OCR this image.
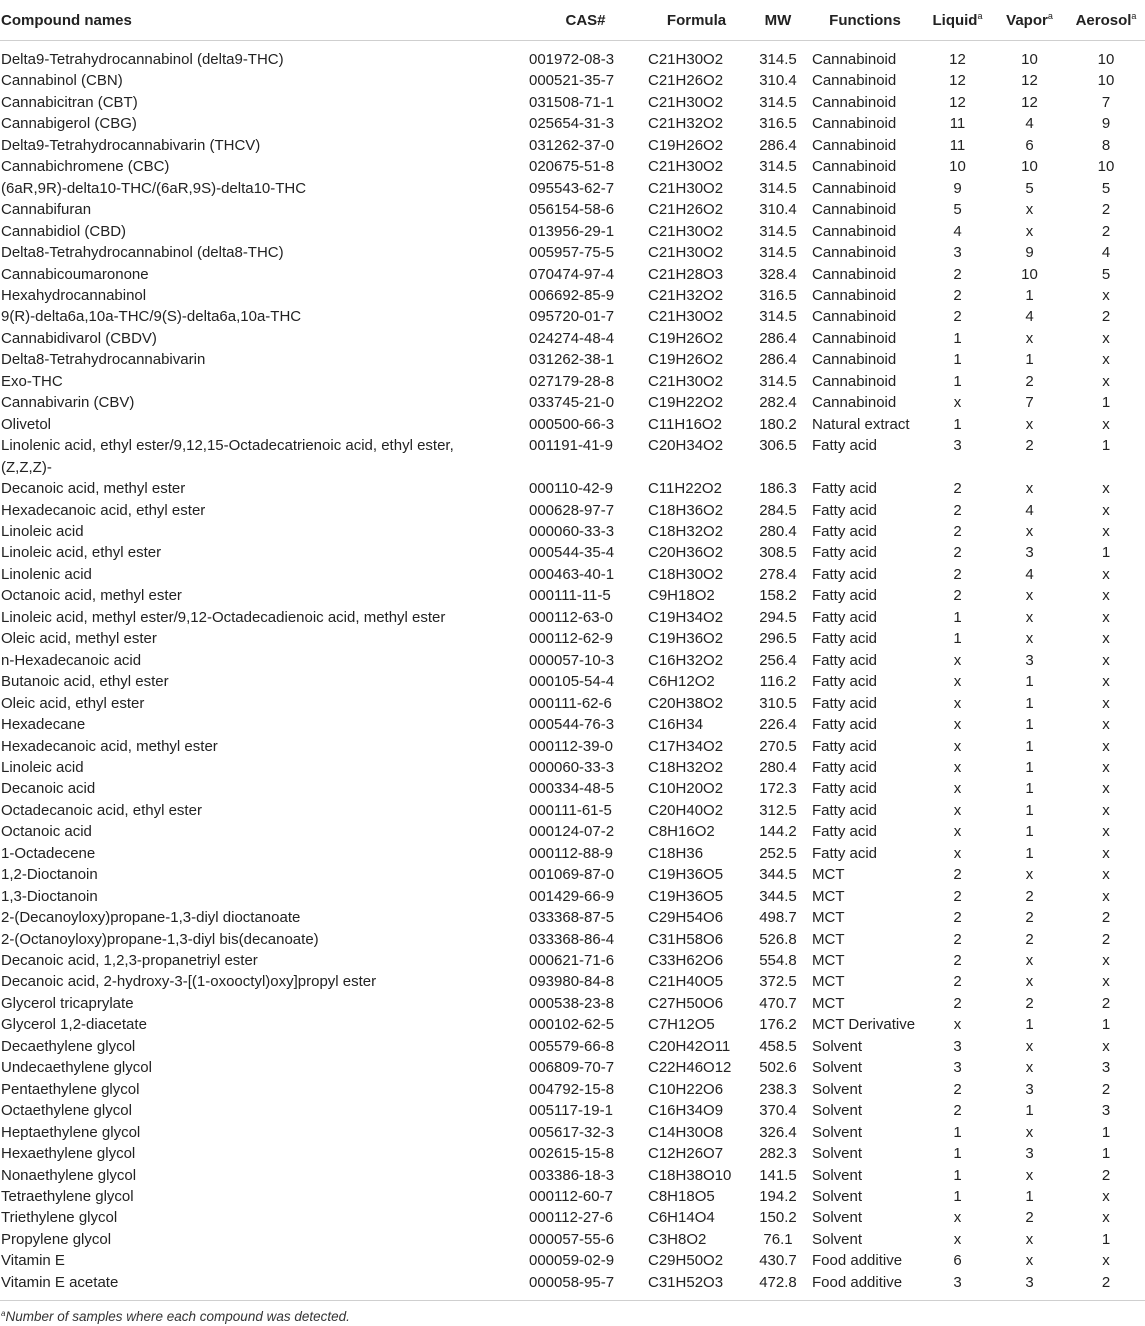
Compound names	CAS#	Formula	MW	Functions	Liquid$^a$	Vapor$^a$	Aerosol$^a$
Delta9-Tetrahydrocannabinol (delta9-THC)	001972-08-3	C21H30O2	314.5	Cannabinoid	12	10	10
Cannabinol (CBN)	000521-35-7	C21H26O2	310.4	Cannabinoid	12	12	10
Cannabicitran (CBT)	031508-71-1	C21H30O2	314.5	Cannabinoid	12	12	7
Cannabigerol (CBG)	025654-31-3	C21H32O2	316.5	Cannabinoid	11	4	9
Delta9-Tetrahydrocannabivarin (THCV)	031262-37-0	C19H26O2	286.4	Cannabinoid	11	6	8
Cannabichromene (CBC)	020675-51-8	C21H30O2	314.5	Cannabinoid	10	10	10
(6aR,9R)-delta10-THC/(6aR,9S)-delta10-THC	095543-62-7	C21H30O2	314.5	Cannabinoid	9	5	5
Cannabifuran	056154-58-6	C21H26O2	310.4	Cannabinoid	5	x	2
Cannabidiol (CBD)	013956-29-1	C21H30O2	314.5	Cannabinoid	4	x	2
Delta8-Tetrahydrocannabinol (delta8-THC)	005957-75-5	C21H30O2	314.5	Cannabinoid	3	9	4
Cannabicoumaronone	070474-97-4	C21H28O3	328.4	Cannabinoid	2	10	5
Hexahydrocannabinol	006692-85-9	C21H32O2	316.5	Cannabinoid	2	1	x
9(R)-delta6a,10a-THC/9(S)-delta6a,10a-THC	095720-01-7	C21H30O2	314.5	Cannabinoid	2	4	2
Cannabidivarol (CBDV)	024274-48-4	C19H26O2	286.4	Cannabinoid	1	x	x
Delta8-Tetrahydrocannabivarin	031262-38-1	C19H26O2	286.4	Cannabinoid	1	1	x
Exo-THC	027179-28-8	C21H30O2	314.5	Cannabinoid	1	2	x
Cannabivarin (CBV)	033745-21-0	C19H22O2	282.4	Cannabinoid	x	7	1
Olivetol	000500-66-3	C11H16O2	180.2	Natural extract	1	x	x
Linolenic acid, ethyl ester/9,12,15-Octadecatrienoic acid, ethyl ester, (Z,Z,Z)-	001191-41-9	C20H34O2	306.5	Fatty acid	3	2	1
Decanoic acid, methyl ester	000110-42-9	C11H22O2	186.3	Fatty acid	2	x	x
Hexadecanoic acid, ethyl ester	000628-97-7	C18H36O2	284.5	Fatty acid	2	4	x
Linoleic acid	000060-33-3	C18H32O2	280.4	Fatty acid	2	x	x
Linoleic acid, ethyl ester	000544-35-4	C20H36O2	308.5	Fatty acid	2	3	1
Linolenic acid	000463-40-1	C18H30O2	278.4	Fatty acid	2	4	x
Octanoic acid, methyl ester	000111-11-5	C9H18O2	158.2	Fatty acid	2	x	x
Linoleic acid, methyl ester/9,12-Octadecadienoic acid, methyl ester	000112-63-0	C19H34O2	294.5	Fatty acid	1	x	x
Oleic acid, methyl ester	000112-62-9	C19H36O2	296.5	Fatty acid	1	x	x
n-Hexadecanoic acid	000057-10-3	C16H32O2	256.4	Fatty acid	x	3	x
Butanoic acid, ethyl ester	000105-54-4	C6H12O2	116.2	Fatty acid	x	1	x
Oleic acid, ethyl ester	000111-62-6	C20H38O2	310.5	Fatty acid	x	1	x
Hexadecane	000544-76-3	C16H34	226.4	Fatty acid	x	1	x
Hexadecanoic acid, methyl ester	000112-39-0	C17H34O2	270.5	Fatty acid	x	1	x
Linoleic acid	000060-33-3	C18H32O2	280.4	Fatty acid	x	1	x
Decanoic acid	000334-48-5	C10H20O2	172.3	Fatty acid	x	1	x
Octadecanoic acid, ethyl ester	000111-61-5	C20H40O2	312.5	Fatty acid	x	1	x
Octanoic acid	000124-07-2	C8H16O2	144.2	Fatty acid	x	1	x
1-Octadecene	000112-88-9	C18H36	252.5	Fatty acid	x	1	x
1,2-Dioctanoin	001069-87-0	C19H36O5	344.5	MCT	2	x	x
1,3-Dioctanoin	001429-66-9	C19H36O5	344.5	MCT	2	2	x
2-(Decanoyloxy)propane-1,3-diyl dioctanoate	033368-87-5	C29H54O6	498.7	MCT	2	2	2
2-(Octanoyloxy)propane-1,3-diyl bis(decanoate)	033368-86-4	C31H58O6	526.8	MCT	2	2	2
Decanoic acid, 1,2,3-propanetriyl ester	000621-71-6	C33H62O6	554.8	MCT	2	x	x
Decanoic acid, 2-hydroxy-3-[(1-oxooctyl)oxy]propyl ester	093980-84-8	C21H40O5	372.5	MCT	2	x	x
Glycerol tricaprylate	000538-23-8	C27H50O6	470.7	MCT	2	2	2
Glycerol 1,2-diacetate	000102-62-5	C7H12O5	176.2	MCT Derivative	x	1	1
Decaethylene glycol	005579-66-8	C20H42O11	458.5	Solvent	3	x	x
Undecaethylene glycol	006809-70-7	C22H46O12	502.6	Solvent	3	x	3
Pentaethylene glycol	004792-15-8	C10H22O6	238.3	Solvent	2	3	2
Octaethylene glycol	005117-19-1	C16H34O9	370.4	Solvent	2	1	3
Heptaethylene glycol	005617-32-3	C14H30O8	326.4	Solvent	1	x	1
Hexaethylene glycol	002615-15-8	C12H26O7	282.3	Solvent	1	3	1
Nonaethylene glycol	003386-18-3	C18H38O10	141.5	Solvent	1	x	2
Tetraethylene glycol	000112-60-7	C8H18O5	194.2	Solvent	1	1	x
Triethylene glycol	000112-27-6	C6H14O4	150.2	Solvent	x	2	x
Propylene glycol	000057-55-6	C3H8O2	76.1	Solvent	x	x	1
Vitamin E	000059-02-9	C29H50O2	430.7	Food additive	6	x	x
Vitamin E acetate	000058-95-7	C31H52O3	472.8	Food additive	3	3	2
$^a$Number of samples where each compound was detected.
